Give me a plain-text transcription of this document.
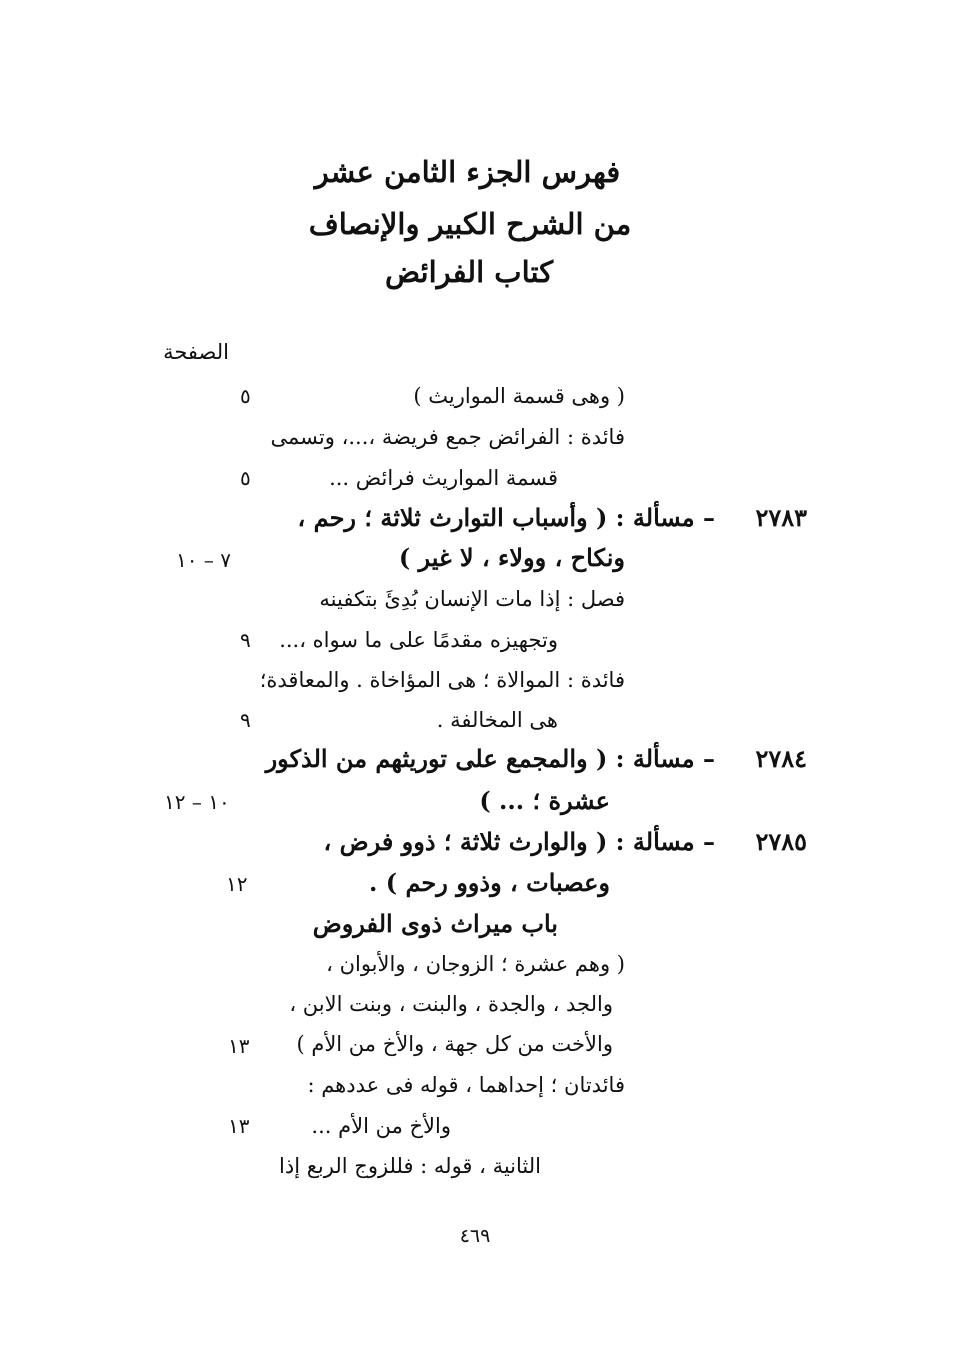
فهرس الجزء الثامن عشر
من الشرح الكبير والإنصاف
كتاب الفرائض
الصفحة
( وهى قسمة المواريث )
٥
فائدة : الفرائض جمع فريضة ،...، وتسمى
قسمة المواريث فرائض ...
٥
٢٧٨٣
– مسألة : ( وأسباب التوارث ثلاثة ؛ رحم ،
ونكاح ، وولاء ، لا غير )
٧ – ١٠
فصل : إذا مات الإنسان بُدِئَ بتكفينه
وتجهيزه مقدمًا على ما سواه ،...
٩
فائدة : الموالاة ؛ هى المؤاخاة . والمعاقدة؛
هى المخالفة .
٩
٢٧٨٤
– مسألة : ( والمجمع على توريثهم من الذكور
عشرة ؛ ... )
١٠ – ١٢
٢٧٨٥
– مسألة : ( والوارث ثلاثة ؛ ذوو فرض ،
وعصبات ، وذوو رحم ) .
١٢
باب ميراث ذوى الفروض
( وهم عشرة ؛ الزوجان ، والأبوان ،
والجد ، والجدة ، والبنت ، وبنت الابن ،
والأخت من كل جهة ، والأخ من الأم )
١٣
فائدتان ؛ إحداهما ، قوله فى عددهم :
والأخ من الأم ...
١٣
الثانية ، قوله : فللزوج الربع إذا
٤٦٩
